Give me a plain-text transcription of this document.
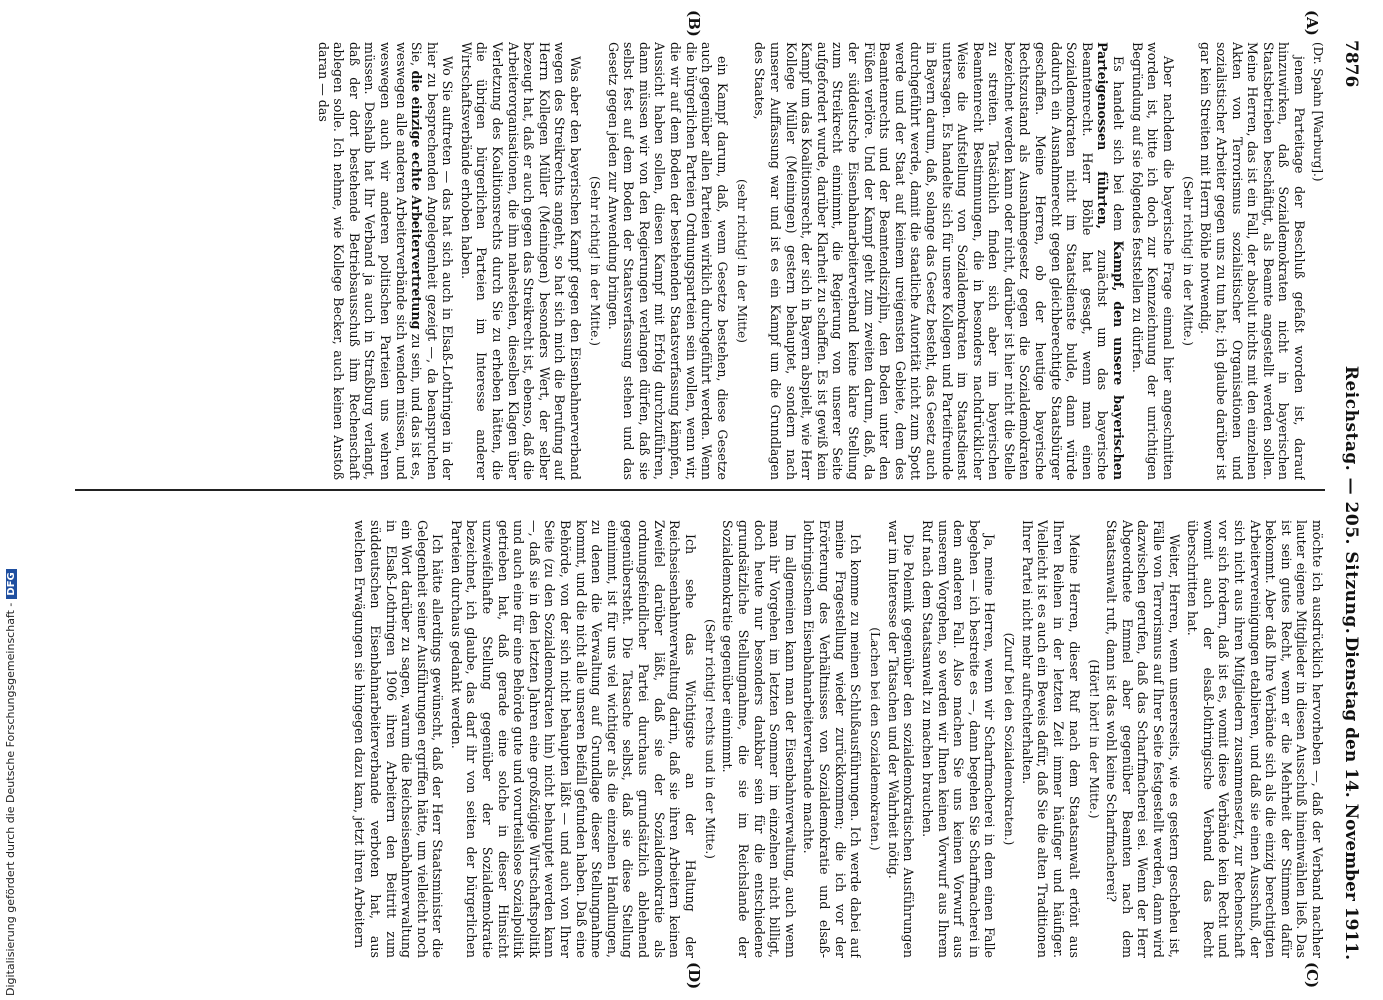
7876
Reichstag. — 205. Sitzung.
Dienstag den 14. November 1911.
(A)
(B)
(C)
(D)
(Dr. Spahn [Warburg].)

jenem Parteitage der Beschluß gefaßt worden ist, darauf hinzuwirken, daß Sozialdemokraten nicht in bayerischen Staatsbetrieben beschäftigt, als Beamte angestellt werden sollen. Meine Herren, das ist ein Fall, der absolut nichts mit den einzelnen Akten von Terrorismus sozialistischer Organisationen und sozialistischer Arbeiter gegen uns zu tun hat; ich glaube darüber ist gar kein Streiten mit Herrn Böhle notwendig.

(Sehr richtig! in der Mitte.)

Aber nachdem die bayerische Frage einmal hier angeschnitten worden ist, bitte ich doch zur Kennzeichnung der unrichtigen Begründung auf sie folgendes feststellen zu dürfen.

Es handelt sich bei dem Kampf, den unsere bayerischen Parteigenossen führten, zunächst um das bayerische Beamtenrecht. Herr Böhle hat gesagt, wenn man einen Sozialdemokraten nicht im Staatsdienste bulde, dann würde dadurch ein Ausnahmerecht gegen gleichberechtigte Staatsbürger geschaffen. Meine Herren, ob der heutige bayerische Rechtszustand als Ausnahmegesetz gegen die Sozialdemokraten bezeichnet werden kann oder nicht, darüber ist hier nicht die Stelle zu streiten. Tatsächlich finden sich aber im bayerischen Beamtenrecht Bestimmungen, die in besonders nachdrücklicher Weise die Aufstellung von Sozialdemokraten im Staatsdienst untersagen. Es handelte sich für unsere Kollegen und Parteifreunde in Bayern darum, daß, solange das Gesetz besteht, das Gesetz auch durchgeführt werde, damit die staatliche Autorität nicht zum Spott werde und der Staat auf keinem ureigensten Gebiete, dem des Beamtenrechts und der Beamtendisziplin, den Boden unter den Füßen verlöre. Und der Kampf geht zum zweiten darum, daß, da der süddeutsche Eisenbahnarbeiterverband keine klare Stellung zum Streikrecht einnimmt, die Regierung von unserer Seite aufgefordert wurde, darüber Klarheit zu schaffen. Es ist gewiß kein Kampf um das Koalitionsrecht, der sich in Bayern abspielt, wie Herr Kollege Müller (Meiningen) gestern behauptet, sondern nach unserer Auffassung war und ist es ein Kampf um die Grundlagen des Staates,

(sehr richtig! in der Mitte)

ein Kampf darum, daß, wenn Gesetze bestehen, diese Gesetze auch gegenüber allen Parteien wirklich durchgeführt werden. Wenn die bürgerlichen Parteien Ordnungsparteien sein wollen, wenn wir, die wir auf dem Boden der bestehenden Staatsverfassung kämpfen, Aussicht haben sollen, diesen Kampf mit Erfolg durchzuführen, dann müssen wir von den Regierungen verlangen dürfen, daß sie selbst fest auf dem Boden der Staatsverfassung stehen und das Gesetz gegen jeden zur Anwendung bringen.

(Sehr richtig! in der Mitte.)

Was aber den bayerischen Kampf gegen den Eisenbahnerverband wegen des Streikrechts angeht, so hat sich mich die Berufung auf Herrn Kollegen Müller (Meiningen) besonders Wert, der selber bezeugt hat, daß er auch gegen das Streikrecht ist, ebenso, daß die Arbeiterorganisationen, die ihm nahestehen, dieselben Klagen über Verletzung des Koalitionsrechts durch Sie zu erheben hätten, die die übrigen bürgerlichen Parteien im Interesse anderer Wirtschaftsverbände erhoben haben.

Wo Sie auftreten — das hat sich auch in Elsaß-Lothringen in der hier zu besprechenden Angelegenheit gezeigt —, da beanspruchen Sie, die einzige echte Arbeitervertretung zu sein, und das ist es, weswegen alle anderen Arbeiterverbände sich wenden müssen, und weswegen auch wir anderen politischen Parteien uns wehren müssen. Deshalb hat Ihr Verband ja auch in Straßburg verlangt, daß der dort bestehende Betriebsausschuß ihm Rechenschaft ablegen solle. Ich nehme, wie Kollege Becker, auch keinen Anstoß daran — das

möchte ich ausdrücklich hervorheben —, daß der Verband nachher lauter eigene Mitglieder in diesen Ausschuß hineinwählen ließ. Das ist sein gutes Recht, wenn er die Mehrheit der Stimmen dafür bekommt. Aber daß Ihre Verbände sich als die einzig berechtigten Arbeitervereinigungen etablieren, und daß sie einen Ausschuß, der sich nicht aus ihren Mitgliedern zusammensetzt, zur Rechenschaft vor sich fordern, daß ist es, womit diese Verbände kein Recht und womit auch der elsaß-lothringische Verband das Recht überschritten hat.

Weiter, Herren, wenn unsererseits, wie es gestern gescheheu ist, Fälle von Terrorismus auf Ihrer Seite festgestellt werden, dann wird dazwischen gerufen, daß das Scharfmacherei sei. Wenn der Herr Abgeordnete Emmel aber gegenüber Beamten nach dem Staatsanwalt ruft, dann ist das wohl keine Scharfmacherei?

(Hört! hört! in der Mitte.)

Meine Herren, dieser Ruf nach dem Staatsanwalt ertönt aus Ihren Reihen in der letzten Zeit immer häufiger und häufiger. Vielleicht ist es auch ein Beweis dafür, daß Sie die alten Traditionen Ihrer Partei nicht mehr aufrechterhalten.

(Zuruf bei den Sozialdemokraten.)

Ja, meine Herren, wenn wir Scharfmacherei in dem einen Falle begehen — ich bestreite es —, dann begehen Sie Scharfmacherei in dem anderen Fall. Also machen Sie uns keinen Vorwurf aus unserem Vorgehen, so werden wir Ihnen keinen Vorwurf aus Ihrem Ruf nach dem Staatsanwalt zu machen brauchen.

Die Polemik gegenüber den sozialdemokratischen Ausführungen war im Interesse der Tatsachen und der Wahrheit nötig.

(Lachen bei den Sozialdemokraten.)

Ich komme zu meinen Schlußausführungen. Ich werde dabei auf meine Fragestellung wieder zurückkommen; die ich vor der Erörterung des Verhältnisses von Sozialdemokratie und elsaß-lothringischem Eisenbahnarbeiterverbande machte.

Im allgemeinen kann man der Eisenbahnverwaltung, auch wenn man ihr Vorgehen im letzten Sommer im einzelnen nicht billigt, doch heute nur besonders dankbar sein für die entschiedene grundsätzliche Stellungnahme, die sie im Reichslande der Sozialdemokratie gegenüber einnimmt.

(Sehr richtig! rechts und in der Mitte.)

Ich sehe das Wichtigste an der Haltung der Reichseisenbahnverwaltung darin, daß sie ihren Arbeitern keinen Zweifel darüber läßt, daß sie der Sozialdemokratie als ordnungsfeindlicher Partei durchaus grundsätzlich ablehnend gegenübersteht. Die Tatsache selbst, daß sie diese Stellung einnimmt, ist für uns viel wichtiger als die einzelnen Handlungen, zu denen die Verwaltung auf Grundlage dieser Stellungnahme kommt, und die nicht alle unseren Beifall gefunden haben. Daß eine Behörde, von der sich nicht behaupten läßt — und auch von Ihrer Seite (zu den Sozialdemokraten hin) nicht behauptet werden kann —, daß sie in den letzten Jahren eine großzügige Wirtschaftspolitik und auch eine für eine Behörde gute und vorurteilslose Sozialpolitik getrieben hat, daß gerade eine solche in dieser Hinsicht unzweifelhafte Stellung gegenüber der Sozialdemokratie bezeichnet, ich glaube, das darf ihr von seiten der bürgerlichen Parteien durchaus gedankt werden.

Ich hätte allerdings gewünscht, daß der Herr Staatsminister die Gelegenheit seiner Ausführungen ergriffen hätte, um vielleicht noch ein Wort darüber zu sagen, warum die Reichseisenbahnverwaltung in Elsaß-Lothringen 1906 ihren Arbeitern den Beitritt zum süddeutschen Eisenbahnarbeiterverbande verboten hat, aus welchen Erwägungen sie hingegen dazu kam, jetzt ihren Arbeitern

Digitalisierung gefördert durch die Deutsche Forschungsgemeinschaft -DFG
